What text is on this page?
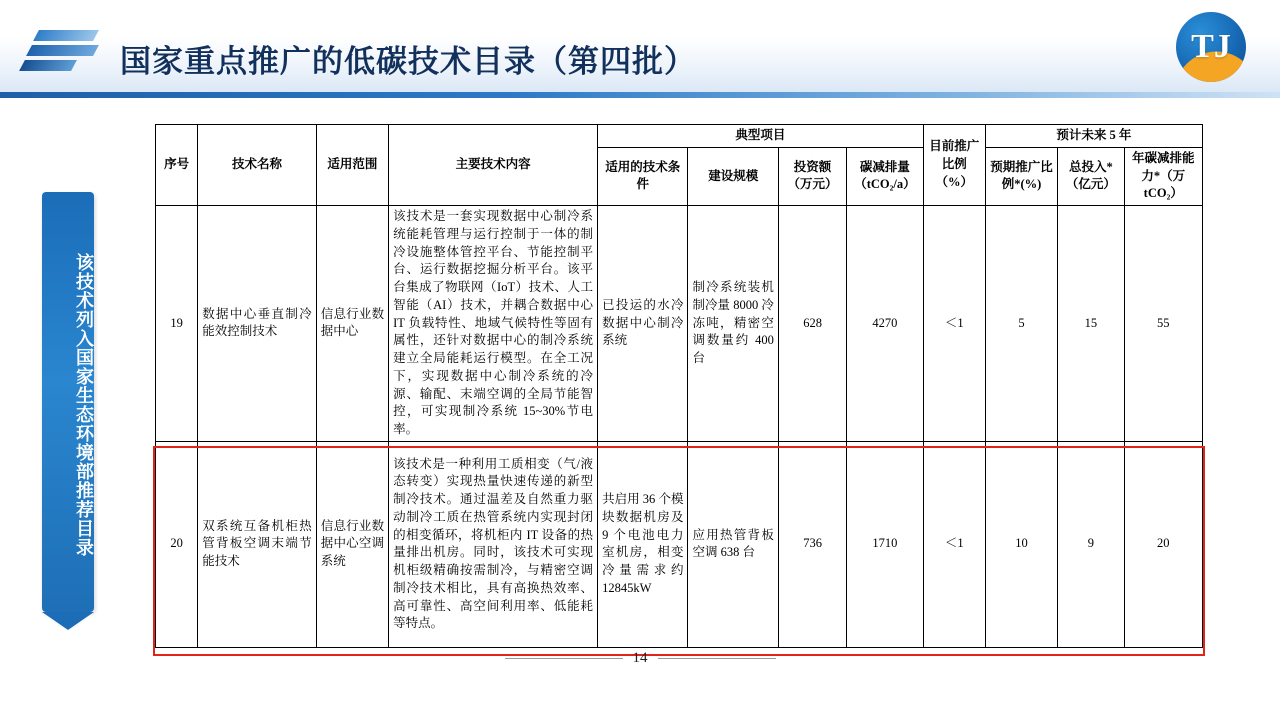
国家重点推广的低碳技术目录（第四批）	TJ
该技术列入国家生态环境部推荐目录
序号	技术名称	适用范围	主要技术内容	典型项目				目前推广比例（%）	预计未来 5 年		
				适用的技术条件	建设规模	投资额（万元）	碳减排量（tCO₂/a）		预期推广比例*(%)	总投入*（亿元）	年碳减排能力*（万 tCO₂）
19	数据中心垂直制冷能效控制技术	信息行业数据中心	该技术是一套实现数据中心制冷系统能耗管理与运行控制于一体的制冷设施整体管控平台、节能控制平台、运行数据挖掘分析平台。该平台集成了物联网（IoT）技术、人工智能（AI）技术，并耦合数据中心 IT 负载特性、地域气候特性等固有属性，还针对数据中心的制冷系统建立全局能耗运行模型。在全工况下，实现数据中心制冷系统的冷源、输配、末端空调的全局节能智控，可实现制冷系统 15~30%节电率。	已投运的水冷数据中心制冷系统	制冷系统装机制冷量 8000 冷冻吨，精密空调数量约 400 台	628	4270	＜1	5	15	55
20	双系统互备机柜热管背板空调末端节能技术	信息行业数据中心空调系统	该技术是一种利用工质相变（气/液态转变）实现热量快速传递的新型制冷技术。通过温差及自然重力驱动制冷工质在热管系统内实现封闭的相变循环，将机柜内 IT 设备的热量排出机房。同时，该技术可实现机柜级精确按需制冷，与精密空调制冷技术相比，具有高换热效率、高可靠性、高空间利用率、低能耗等特点。	共启用 36 个模块数据机房及 9 个电池电力室机房，相变冷量需求约 12845kW	应用热管背板空调 638 台	736	1710	＜1	10	9	20
14
